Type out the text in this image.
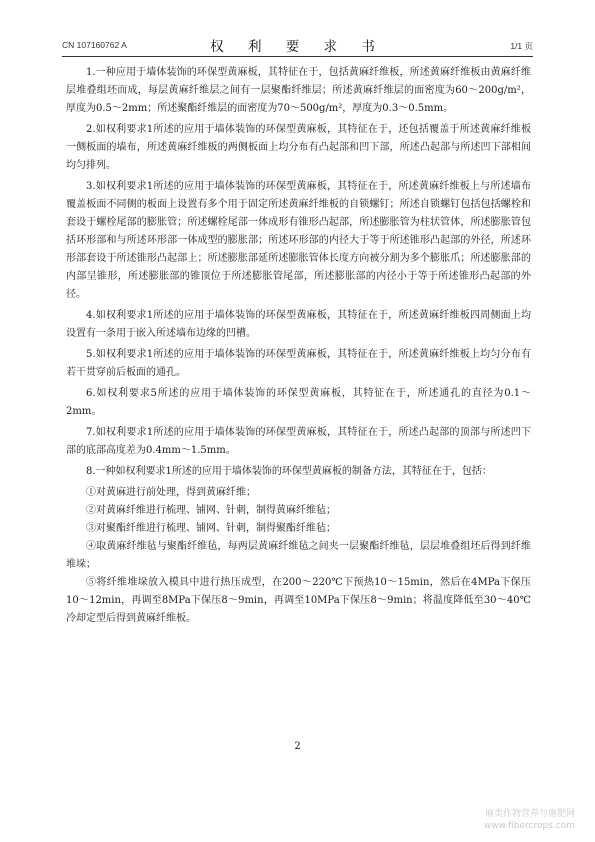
CN 107160762 A	权 利 要 求 书	1/1 页

1.一种应用于墙体装饰的环保型黄麻板，其特征在于，包括黄麻纤维板，所述黄麻纤维板由黄麻纤维层堆叠组坯而成，每层黄麻纤维层之间有一层聚酯纤维层；所述黄麻纤维层的面密度为60～200g/m²，厚度为0.5～2mm；所述聚酯纤维层的面密度为70～500g/m²，厚度为0.3～0.5mm。

2.如权利要求1所述的应用于墙体装饰的环保型黄麻板，其特征在于，还包括覆盖于所述黄麻纤维板一侧板面的墙布，所述黄麻纤维板的两侧板面上均分布有凸起部和凹下部，所述凸起部与所述凹下部相间均匀排列。

3.如权利要求1所述的应用于墙体装饰的环保型黄麻板，其特征在于，所述黄麻纤维板上与所述墙布覆盖板面不同侧的板面上设置有多个用于固定所述黄麻纤维板的自锁螺钉；所述自锁螺钉包括包括螺栓和套设于螺栓尾部的膨胀管；所述螺栓尾部一体成形有锥形凸起部，所述膨胀管为柱状管体，所述膨胀管包括环形部和与所述环形部一体成型的膨胀部；所述环形部的内径大于等于所述锥形凸起部的外径，所述环形部套设于所述锥形凸起部上；所述膨胀部延所述膨胀管体长度方向被分割为多个膨胀爪；所述膨胀部的内部呈锥形，所述膨胀部的锥顶位于所述膨胀管尾部，所述膨胀部的内径小于等于所述锥形凸起部的外径。

4.如权利要求1所述的应用于墙体装饰的环保型黄麻板，其特征在于，所述黄麻纤维板四周侧面上均设置有一条用于嵌入所述墙布边缘的凹槽。

5.如权利要求1所述的应用于墙体装饰的环保型黄麻板，其特征在于，所述黄麻纤维板上均匀分布有若干贯穿前后板面的通孔。

6.如权利要求5所述的应用于墙体装饰的环保型黄麻板，其特征在于，所述通孔的直径为0.1～2mm。

7.如权利要求1所述的应用于墙体装饰的环保型黄麻板，其特征在于，所述凸起部的顶部与所述凹下部的底部高度差为0.4mm～1.5mm。

8.一种如权利要求1所述的应用于墙体装饰的环保型黄麻板的制备方法，其特征在于，包括：

①对黄麻进行前处理，得到黄麻纤维；

②对黄麻纤维进行梳理、铺网、针刺，制得黄麻纤维毡；

③对聚酯纤维进行梳理、铺网、针刺，制得聚酯纤维毡；

④取黄麻纤维毡与聚酯纤维毡，每两层黄麻纤维毡之间夹一层聚酯纤维毡，层层堆叠组坯后得到纤维堆垛；

⑤将纤维堆垛放入模具中进行热压成型，在200～220℃下预热10～15min，然后在4MPa下保压10～12min，再调至8MPa下保压8～9min，再调至10MPa下保压8～9min；将温度降低至30～40℃冷却定型后得到黄麻纤维板。

2
麻类作物营养与施肥网
www.fibercrops.com
